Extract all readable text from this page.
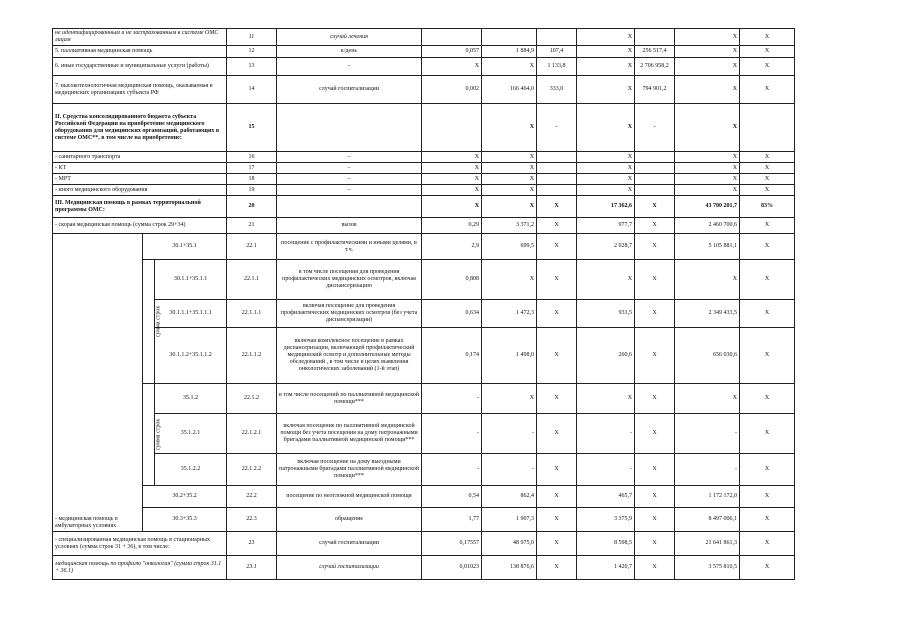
не идентифицированным и не застрахованным в системе ОМС лицам			11	случай лечения				X		X	X
5. паллиативная медицинская помощь			12	к/день	0,057	1 884,9	107,4	X	256 517,4	X	X
6. иные государственные и муниципальные услуги (работы)			13	–	X	X	1 133,8	X	2 706 958,2	X	X
7. высокотехнологичная медицинская помощь, оказываемая в медицинских организациях субъекта РФ			14	случай госпитализации	0,002	166 464,0	333,0	X	794 901,2	X	X
II. Средства консолидированного бюджета субъекта Российской Федерации на приобретение медицинского оборудования для медицинских организаций, работающих в системе ОМС**, в том числе на приобретение:			15			X	-	X	-	X	
- санитарного транспорта			16	–	X	X		X		X	X
- КТ			17	–	X	X		X		X	X
- МРТ			18	–	X	X		X		X	X
- иного медицинского оборудования			19	–	X	X		X		X	X
III. Медицинская помощь в рамках территориальной программы ОМС:			20		X	X	X	17 362,6	X	43 700 201,7	83%
- скорая медицинская помощь (сумма строк 29+34)			21	вызов	0,29	3 371,2	X	977,7	X	2 460 700,6	X
- медицинская помощь в амбулаторных условиях	30.1+35.1		22.1	посещение с профилактическими и иными целями, в т.ч.	2,9	699,5	X	2 028,7	X	5 105 881,1	X
	сумма строк	30.1.1+35.1.1	22.1.1	в том числе посещения для проведения профилактических медицинских осмотров, включая диспансеризацию	0,808	X	X	X	X	X	X
		30.1.1.1+35.1.1.1	22.1.1.1	включая посещение для проведения профилактических медицинских осмотров (без учета диспансеризации)	0,634	1 472,3	X	933,5	X	2 349 433,5	X
		30.1.1.2+35.1.1.2	22.1.1.2	включая комплексное посещение в рамках диспансеризации, включающей профилактический медицинский осмотр и дополнительные методы обследований , в том числе в целях выявления онкологических заболеваний (1-й этап)	0,174	1 498,0	X	260,6	X	656 030,6	X
	сумма строк	35.1.2	22.1.2	в том числе посещений по паллиативной медицинской помощи***	-	X	X	X	X	X	X
		35.1.2.1	22.1.2.1	включая посещение по паллиативной медицинской помощи без учета посещения на дому патронажными бригадами паллиативной медицинской помощи***	-	-	X	-	X	-	X
		35.1.2.2	22.1.2.2	включая посещение на дому выездными патронажными бригадами паллиативной медицинской помощи***	-	-	X	-	X	-	X
	30.2+35.2		22.2	посещение по неотложной медицинской помощи	0,54	862,4	X	465,7	X	1 172 172,0	X
	30.3+35.3		22.3	обращение	1,77	1 907,3	X	3 375,9	X	8 497 006,1	X
- специализированная медицинская помощь в стационарных условиях (сумма строк 31 + 36), в том числе:			23	случай госпитализации	0,17557	48 975,0	X	8 598,5	X	21 641 861,3	X
медицинская помощь по профилю "онкология" (сумма строк 31.1 + 36.1)			23.1	случай госпитализации	0,01023	138 876,6	X	1 420,7	X	3 575 810,5	X
